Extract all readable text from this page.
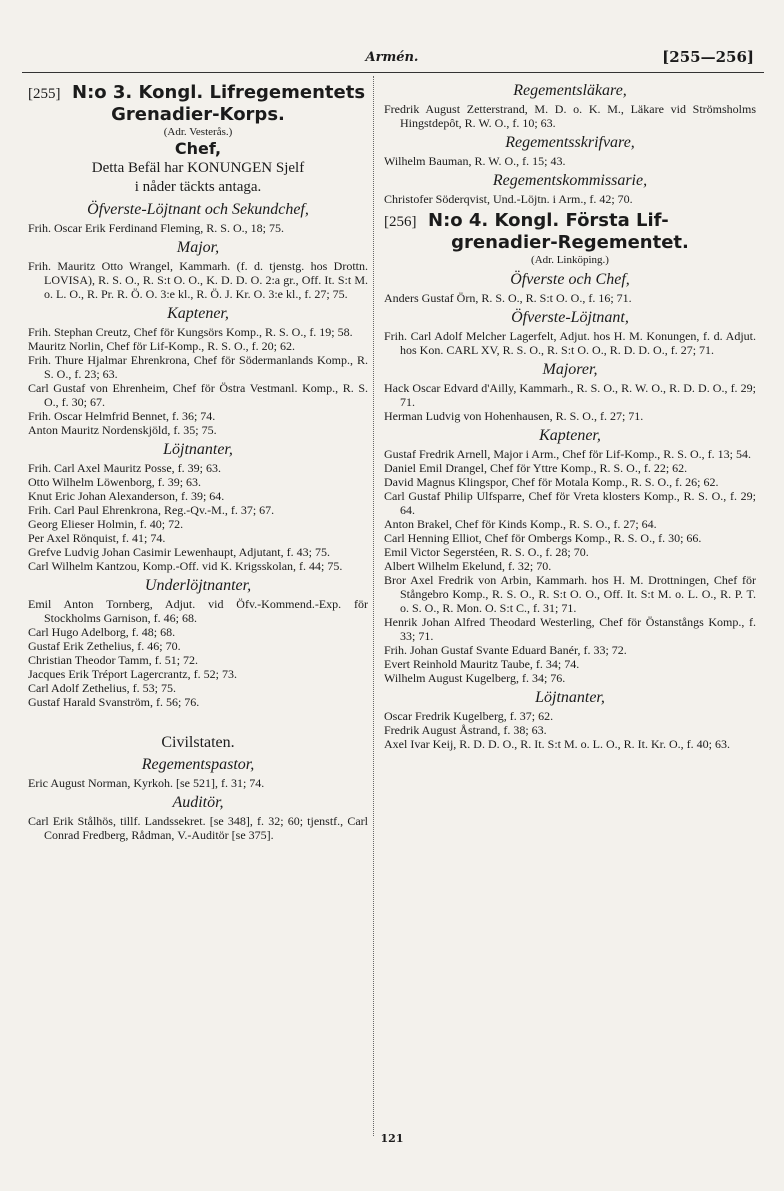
Armén.	[255—256]
[255] N:o 3. Kongl. Lifregementets
Grenadier-Korps.
(Adr. Vesterås.)
Chef,
Detta Befäl har KONUNGEN Sjelf
i nåder täckts antaga.
Öfverste-Löjtnant och Sekundchef,
Frih. Oscar Erik Ferdinand Fleming, R. S. O., 18; 75.
Major,
Frih. Mauritz Otto Wrangel, Kammarh. (f. d. tjenstg. hos Drottn. LOVISA), R. S. O., R. S:t O. O., K. D. D. O. 2:a gr., Off. It. S:t M. o. L. O., R. Pr. R. Ö. O. 3:e kl., R. Ö. J. Kr. O. 3:e kl., f. 27; 75.
Kaptener,
Frih. Stephan Creutz, Chef för Kungsörs Komp., R. S. O., f. 19; 58.
Mauritz Norlin, Chef för Lif-Komp., R. S. O., f. 20; 62.
Frih. Thure Hjalmar Ehrenkrona, Chef för Södermanlands Komp., R. S. O., f. 23; 63.
Carl Gustaf von Ehrenheim, Chef för Östra Vestmanl. Komp., R. S. O., f. 30; 67.
Frih. Oscar Helmfrid Bennet, f. 36; 74.
Anton Mauritz Nordenskjöld, f. 35; 75.
Löjtnanter,
Frih. Carl Axel Mauritz Posse, f. 39; 63.
Otto Wilhelm Löwenborg, f. 39; 63.
Knut Eric Johan Alexanderson, f. 39; 64.
Frih. Carl Paul Ehrenkrona, Reg.-Qv.-M., f. 37; 67.
Georg Elieser Holmin, f. 40; 72.
Per Axel Rönquist, f. 41; 74.
Grefve Ludvig Johan Casimir Lewenhaupt, Adjutant, f. 43; 75.
Carl Wilhelm Kantzou, Komp.-Off. vid K. Krigsskolan, f. 44; 75.
Underlöjtnanter,
Emil Anton Tornberg, Adjut. vid Öfv.-Kommend.-Exp. för Stockholms Garnison, f. 46; 68.
Carl Hugo Adelborg, f. 48; 68.
Gustaf Erik Zethelius, f. 46; 70.
Christian Theodor Tamm, f. 51; 72.
Jacques Erik Tréport Lagercrantz, f. 52; 73.
Carl Adolf Zethelius, f. 53; 75.
Gustaf Harald Svanström, f. 56; 76.
Civilstaten.
Regementspastor,
Eric August Norman, Kyrkoh. [se 521], f. 31; 74.
Auditör,
Carl Erik Stålhös, tillf. Landssekret. [se 348], f. 32; 60; tjenstf., Carl Conrad Fredberg, Rådman, V.-Auditör [se 375].
Regementsläkare,
Fredrik August Zetterstrand, M. D. o. K. M., Läkare vid Strömsholms Hingstdepôt, R. W. O., f. 10; 63.
Regementsskrifvare,
Wilhelm Bauman, R. W. O., f. 15; 43.
Regementskommissarie,
Christofer Söderqvist, Und.-Löjtn. i Arm., f. 42; 70.
[256] N:o 4. Kongl. Första Lif-
grenadier-Regementet.
(Adr. Linköping.)
Öfverste och Chef,
Anders Gustaf Örn, R. S. O., R. S:t O. O., f. 16; 71.
Öfverste-Löjtnant,
Frih. Carl Adolf Melcher Lagerfelt, Adjut. hos H. M. Konungen, f. d. Adjut. hos Kon. CARL XV, R. S. O., R. S:t O. O., R. D. D. O., f. 27; 71.
Majorer,
Hack Oscar Edvard d'Ailly, Kammarh., R. S. O., R. W. O., R. D. D. O., f. 29; 71.
Herman Ludvig von Hohenhausen, R. S. O., f. 27; 71.
Kaptener,
Gustaf Fredrik Arnell, Major i Arm., Chef för Lif-Komp., R. S. O., f. 13; 54.
Daniel Emil Drangel, Chef för Yttre Komp., R. S. O., f. 22; 62.
David Magnus Klingspor, Chef för Motala Komp., R. S. O., f. 26; 62.
Carl Gustaf Philip Ulfsparre, Chef för Vreta klosters Komp., R. S. O., f. 29; 64.
Anton Brakel, Chef för Kinds Komp., R. S. O., f. 27; 64.
Carl Henning Elliot, Chef för Ombergs Komp., R. S. O., f. 30; 66.
Emil Victor Segerstéen, R. S. O., f. 28; 70.
Albert Wilhelm Ekelund, f. 32; 70.
Bror Axel Fredrik von Arbin, Kammarh. hos H. M. Drottningen, Chef för Stångebro Komp., R. S. O., R. S:t O. O., Off. It. S:t M. o. L. O., R. P. T. o. S. O., R. Mon. O. S:t C., f. 31; 71.
Henrik Johan Alfred Theodard Westerling, Chef för Östanstångs Komp., f. 33; 71.
Frih. Johan Gustaf Svante Eduard Banér, f. 33; 72.
Evert Reinhold Mauritz Taube, f. 34; 74.
Wilhelm August Kugelberg, f. 34; 76.
Löjtnanter,
Oscar Fredrik Kugelberg, f. 37; 62.
Fredrik August Åstrand, f. 38; 63.
Axel Ivar Keij, R. D. D. O., R. It. S:t M. o. L. O., R. It. Kr. O., f. 40; 63.
121
